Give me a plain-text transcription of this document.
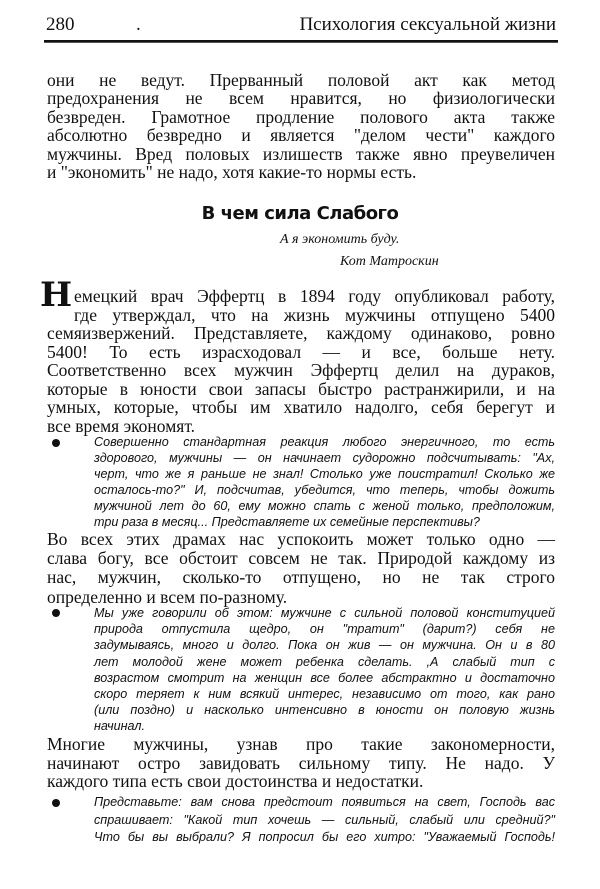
280	.	Психология сексуальной жизни
они не ведут. Прерванный половой акт как метод
предохранения не всем нравится, но физиологически
безвреден. Грамотное продление полового акта также
абсолютно безвредно и является "делом чести" каждого
мужчины. Вред половых излишеств также явно преувеличен
и "экономить" не надо, хотя какие-то нормы есть.
В чем сила Слабого
А я экономить буду.
Кот Матроскин
Н емецкий врач Эффертц в 1894 году опубликовал работу,
где утверждал, что на жизнь мужчины отпущено 5400
семяизвержений. Представляете, каждому одинаково, ровно
5400! То есть израсходовал — и все, больше нету.
Соответственно всех мужчин Эффертц делил на дураков,
которые в юности свои запасы быстро растранжирили, и на
умных, которые, чтобы им хватило надолго, себя берегут и
все время экономят.
Совершенно стандартная реакция любого энергичного, то есть
здорового, мужчины — он начинает судорожно подсчитывать: "Ах,
черт, что же я раньше не знал! Столько уже поистратил! Сколько же
осталось-то?" И, подсчитав, убедится, что теперь, чтобы дожить
мужчиной лет до 60, ему можно спать с женой только, предположим,
три раза в месяц... Представляете их семейные перспективы?
Во всех этих драмах нас успокоить может только одно —
слава богу, все обстоит совсем не так. Природой каждому из
нас, мужчин, сколько-то отпущено, но не так строго
определенно и всем по-разному.
Мы уже говорили об этом: мужчине с сильной половой конституцией
природа отпустила щедро, он "тратит" (дарит?) себя не
задумываясь, много и долго. Пока он жив — он мужчина. Он и в 80
лет молодой жене может ребенка сделать. ,А слабый тип с
возрастом смотрит на женщин все более абстрактно и достаточно
скоро теряет к ним всякий интерес, независимо от того, как рано
(или поздно) и насколько интенсивно в юности он половую жизнь
начинал.
Многие мужчины, узнав про такие закономерности,
начинают остро завидовать сильному типу. Не надо. У
каждого типа есть свои достоинства и недостатки.
Представьте: вам снова предстоит появиться на свет, Господь вас
спрашивает: "Какой тип хочешь — сильный, слабый или средний?"
Что бы вы выбрали? Я попросил бы его хитро: "Уважаемый Господь!
